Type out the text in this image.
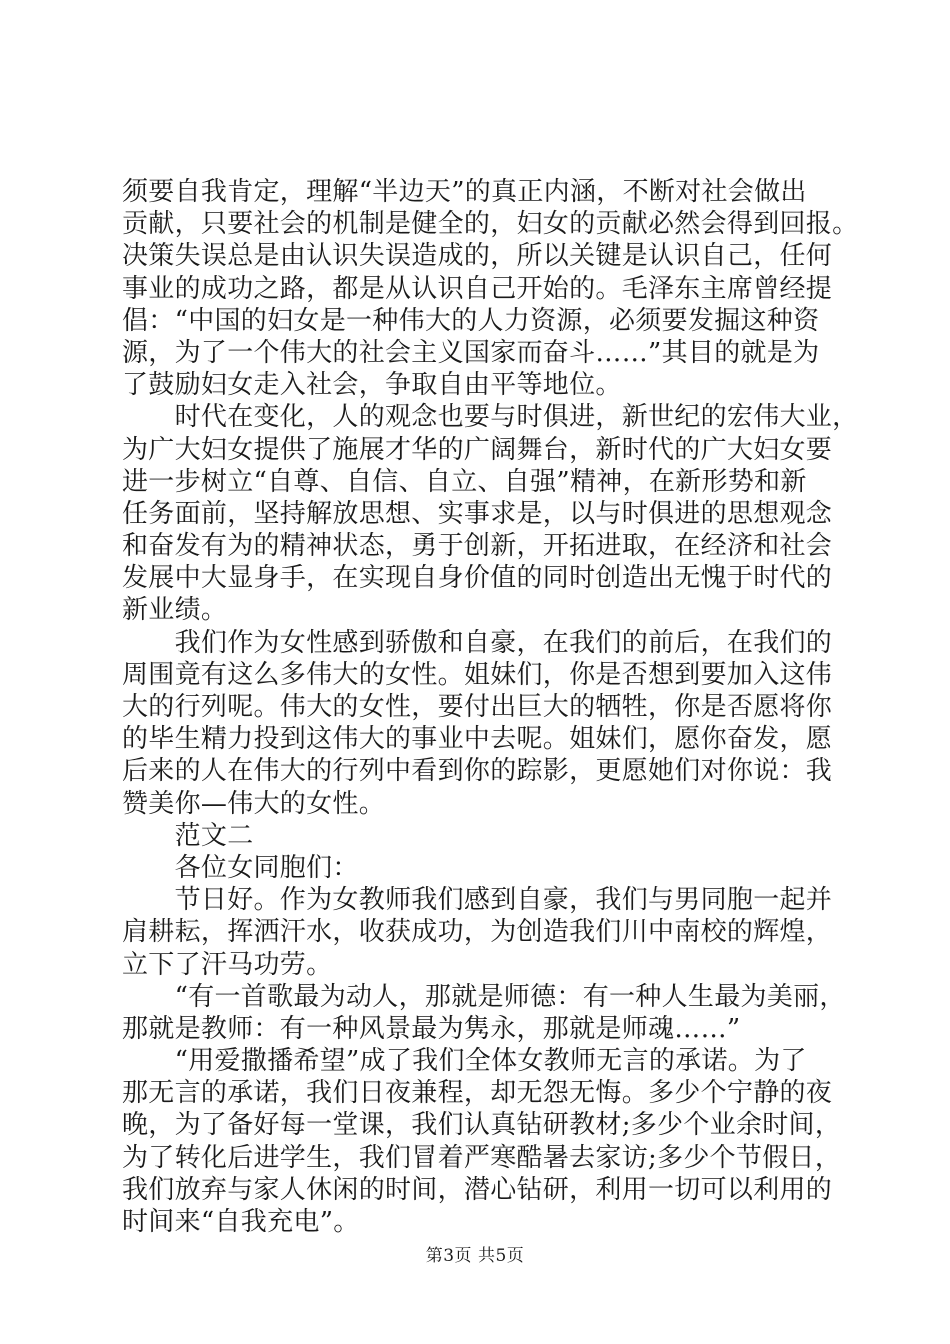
须要自我肯定，理解“半边天”的真正内涵，不断对社会做出
贡献，只要社会的机制是健全的，妇女的贡献必然会得到回报。
决策失误总是由认识失误造成的，所以关键是认识自己，任何
事业的成功之路，都是从认识自己开始的。毛泽东主席曾经提
倡：“中国的妇女是一种伟大的人力资源，必须要发掘这种资
源，为了一个伟大的社会主义国家而奋斗……”其目的就是为
了鼓励妇女走入社会，争取自由平等地位。
　　时代在变化，人的观念也要与时俱进，新世纪的宏伟大业，
为广大妇女提供了施展才华的广阔舞台，新时代的广大妇女要
进一步树立“自尊、自信、自立、自强”精神，在新形势和新
任务面前，坚持解放思想、实事求是，以与时俱进的思想观念
和奋发有为的精神状态，勇于创新，开拓进取，在经济和社会
发展中大显身手，在实现自身价值的同时创造出无愧于时代的
新业绩。
　　我们作为女性感到骄傲和自豪，在我们的前后，在我们的
周围竟有这么多伟大的女性。姐妹们，你是否想到要加入这伟
大的行列呢。伟大的女性，要付出巨大的牺牲，你是否愿将你
的毕生精力投到这伟大的事业中去呢。姐妹们，愿你奋发，愿
后来的人在伟大的行列中看到你的踪影，更愿她们对你说：我
赞美你—伟大的女性。
　　范文二
　　各位女同胞们：
　　节日好。作为女教师我们感到自豪，我们与男同胞一起并
肩耕耘，挥洒汗水，收获成功，为创造我们川中南校的辉煌，
立下了汗马功劳。
　　“有一首歌最为动人，那就是师德：有一种人生最为美丽，
那就是教师：有一种风景最为隽永，那就是师魂……”
　　“用爱撒播希望”成了我们全体女教师无言的承诺。为了
那无言的承诺，我们日夜兼程，却无怨无悔。多少个宁静的夜
晚，为了备好每一堂课，我们认真钻研教材;多少个业余时间，
为了转化后进学生，我们冒着严寒酷暑去家访;多少个节假日，
我们放弃与家人休闲的时间，潜心钻研，利用一切可以利用的
时间来“自我充电”。
第3页 共5页
